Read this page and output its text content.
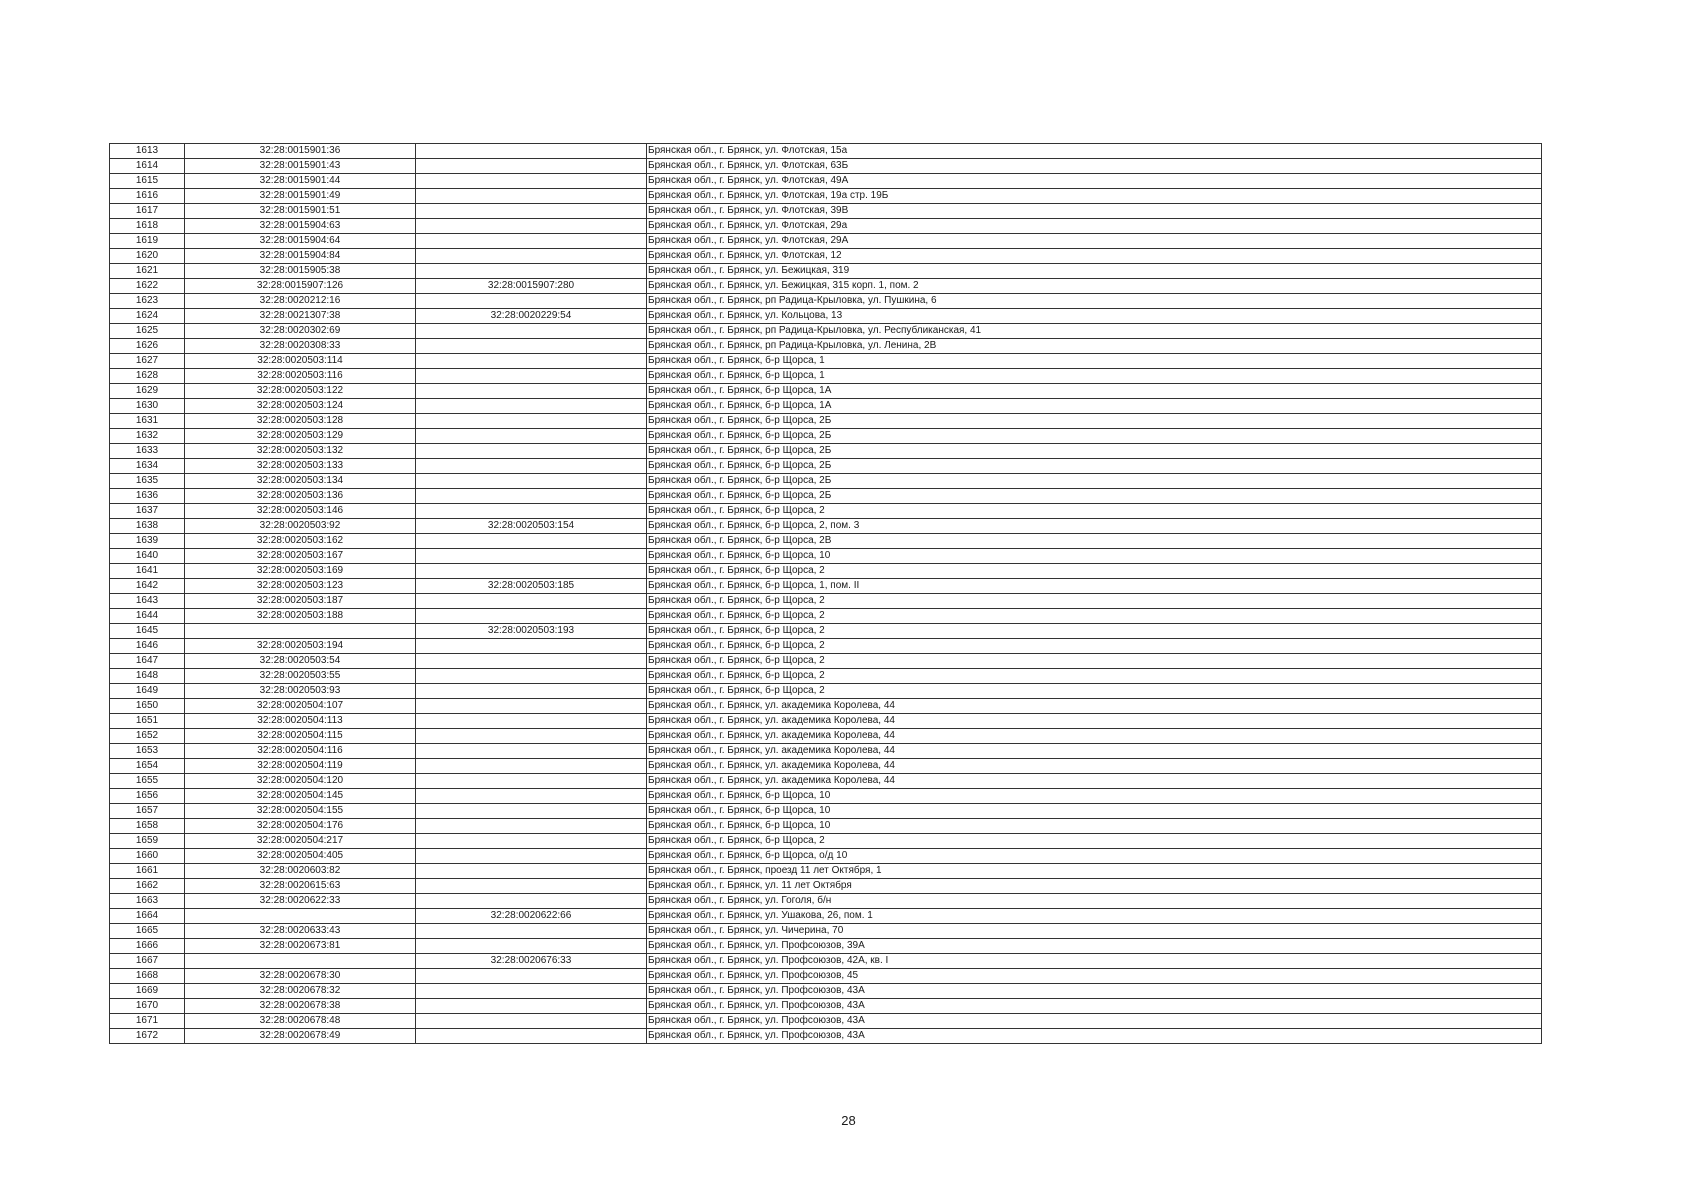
1613	32:28:0015901:36		Брянская обл., г. Брянск, ул. Флотская, 15а
1614	32:28:0015901:43		Брянская обл., г. Брянск, ул. Флотская, 63Б
1615	32:28:0015901:44		Брянская обл., г. Брянск, ул. Флотская, 49А
1616	32:28:0015901:49		Брянская обл., г. Брянск, ул. Флотская, 19а стр. 19Б
1617	32:28:0015901:51		Брянская обл., г. Брянск, ул. Флотская, 39В
1618	32:28:0015904:63		Брянская обл., г. Брянск, ул. Флотская, 29а
1619	32:28:0015904:64		Брянская обл., г. Брянск, ул. Флотская, 29А
1620	32:28:0015904:84		Брянская обл., г. Брянск, ул. Флотская, 12
1621	32:28:0015905:38		Брянская обл., г. Брянск, ул. Бежицкая, 319
1622	32:28:0015907:126	32:28:0015907:280	Брянская обл., г. Брянск, ул. Бежицкая, 315 корп. 1, пом. 2
1623	32:28:0020212:16		Брянская обл., г. Брянск, рп Радица-Крыловка, ул. Пушкина, 6
1624	32:28:0021307:38	32:28:0020229:54	Брянская обл., г. Брянск, ул. Кольцова, 13
1625	32:28:0020302:69		Брянская обл., г. Брянск, рп Радица-Крыловка, ул. Республиканская, 41
1626	32:28:0020308:33		Брянская обл., г. Брянск, рп Радица-Крыловка, ул. Ленина, 2В
1627	32:28:0020503:114		Брянская обл., г. Брянск, б-р Щорса, 1
1628	32:28:0020503:116		Брянская обл., г. Брянск, б-р Щорса, 1
1629	32:28:0020503:122		Брянская обл., г. Брянск, б-р Щорса, 1А
1630	32:28:0020503:124		Брянская обл., г. Брянск, б-р Щорса, 1А
1631	32:28:0020503:128		Брянская обл., г. Брянск, б-р Щорса, 2Б
1632	32:28:0020503:129		Брянская обл., г. Брянск, б-р Щорса, 2Б
1633	32:28:0020503:132		Брянская обл., г. Брянск, б-р Щорса, 2Б
1634	32:28:0020503:133		Брянская обл., г. Брянск, б-р Щорса, 2Б
1635	32:28:0020503:134		Брянская обл., г. Брянск, б-р Щорса, 2Б
1636	32:28:0020503:136		Брянская обл., г. Брянск, б-р Щорса, 2Б
1637	32:28:0020503:146		Брянская обл., г. Брянск, б-р Щорса, 2
1638	32:28:0020503:92	32:28:0020503:154	Брянская обл., г. Брянск, б-р Щорса, 2, пом. 3
1639	32:28:0020503:162		Брянская обл., г. Брянск, б-р Щорса, 2В
1640	32:28:0020503:167		Брянская обл., г. Брянск, б-р Щорса, 10
1641	32:28:0020503:169		Брянская обл., г. Брянск, б-р Щорса, 2
1642	32:28:0020503:123	32:28:0020503:185	Брянская обл., г. Брянск, б-р Щорса, 1, пом. II
1643	32:28:0020503:187		Брянская обл., г. Брянск, б-р Щорса, 2
1644	32:28:0020503:188		Брянская обл., г. Брянск, б-р Щорса, 2
1645		32:28:0020503:193	Брянская обл., г. Брянск, б-р Щорса, 2
1646	32:28:0020503:194		Брянская обл., г. Брянск, б-р Щорса, 2
1647	32:28:0020503:54		Брянская обл., г. Брянск, б-р Щорса, 2
1648	32:28:0020503:55		Брянская обл., г. Брянск, б-р Щорса, 2
1649	32:28:0020503:93		Брянская обл., г. Брянск, б-р Щорса, 2
1650	32:28:0020504:107		Брянская обл., г. Брянск, ул. академика Королева, 44
1651	32:28:0020504:113		Брянская обл., г. Брянск, ул. академика Королева, 44
1652	32:28:0020504:115		Брянская обл., г. Брянск, ул. академика Королева, 44
1653	32:28:0020504:116		Брянская обл., г. Брянск, ул. академика Королева, 44
1654	32:28:0020504:119		Брянская обл., г. Брянск, ул. академика Королева, 44
1655	32:28:0020504:120		Брянская обл., г. Брянск, ул. академика Королева, 44
1656	32:28:0020504:145		Брянская обл., г. Брянск, б-р Щорса, 10
1657	32:28:0020504:155		Брянская обл., г. Брянск, б-р Щорса, 10
1658	32:28:0020504:176		Брянская обл., г. Брянск, б-р Щорса, 10
1659	32:28:0020504:217		Брянская обл., г. Брянск, б-р Щорса, 2
1660	32:28:0020504:405		Брянская обл., г. Брянск, б-р Щорса, о/д 10
1661	32:28:0020603:82		Брянская обл., г. Брянск, проезд 11 лет Октября, 1
1662	32:28:0020615:63		Брянская обл., г. Брянск, ул. 11 лет Октября
1663	32:28:0020622:33		Брянская обл., г. Брянск, ул. Гоголя, б/н
1664		32:28:0020622:66	Брянская обл., г. Брянск, ул. Ушакова, 26, пом. 1
1665	32:28:0020633:43		Брянская обл., г. Брянск, ул. Чичерина, 70
1666	32:28:0020673:81		Брянская обл., г. Брянск, ул. Профсоюзов, 39А
1667		32:28:0020676:33	Брянская обл., г. Брянск, ул. Профсоюзов, 42А, кв. I
1668	32:28:0020678:30		Брянская обл., г. Брянск, ул. Профсоюзов, 45
1669	32:28:0020678:32		Брянская обл., г. Брянск, ул. Профсоюзов, 43А
1670	32:28:0020678:38		Брянская обл., г. Брянск, ул. Профсоюзов, 43А
1671	32:28:0020678:48		Брянская обл., г. Брянск, ул. Профсоюзов, 43А
1672	32:28:0020678:49		Брянская обл., г. Брянск, ул. Профсоюзов, 43А
28
